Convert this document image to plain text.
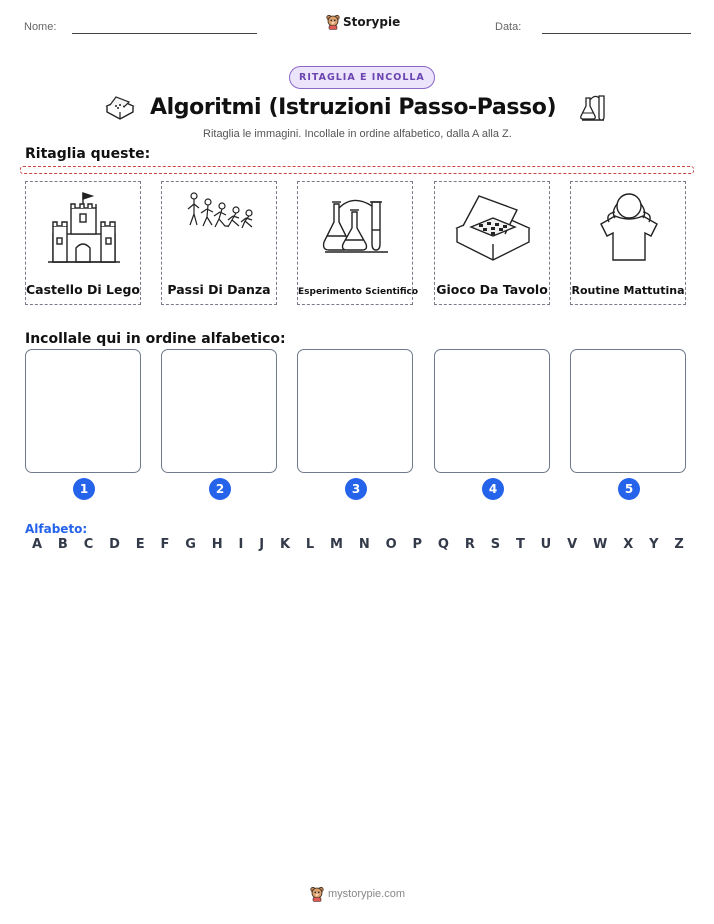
Nome:	Storypie	Data:
RITAGLIA E INCOLLA
Algoritmi (Istruzioni Passo-Passo)
Ritaglia le immagini. Incollale in ordine alfabetico, dalla A alla Z.
Ritaglia queste:
Castello Di Lego	Passi Di Danza	Esperimento Scientifico Gioco Da Tavolo Routine Mattutina
Incollale qui in ordine alfabetico:
1	2	3	4	5
Alfabeto:
A B C D E F G H I J K L M N O P Q R S T U V W X Y Z
mystorypie.com
